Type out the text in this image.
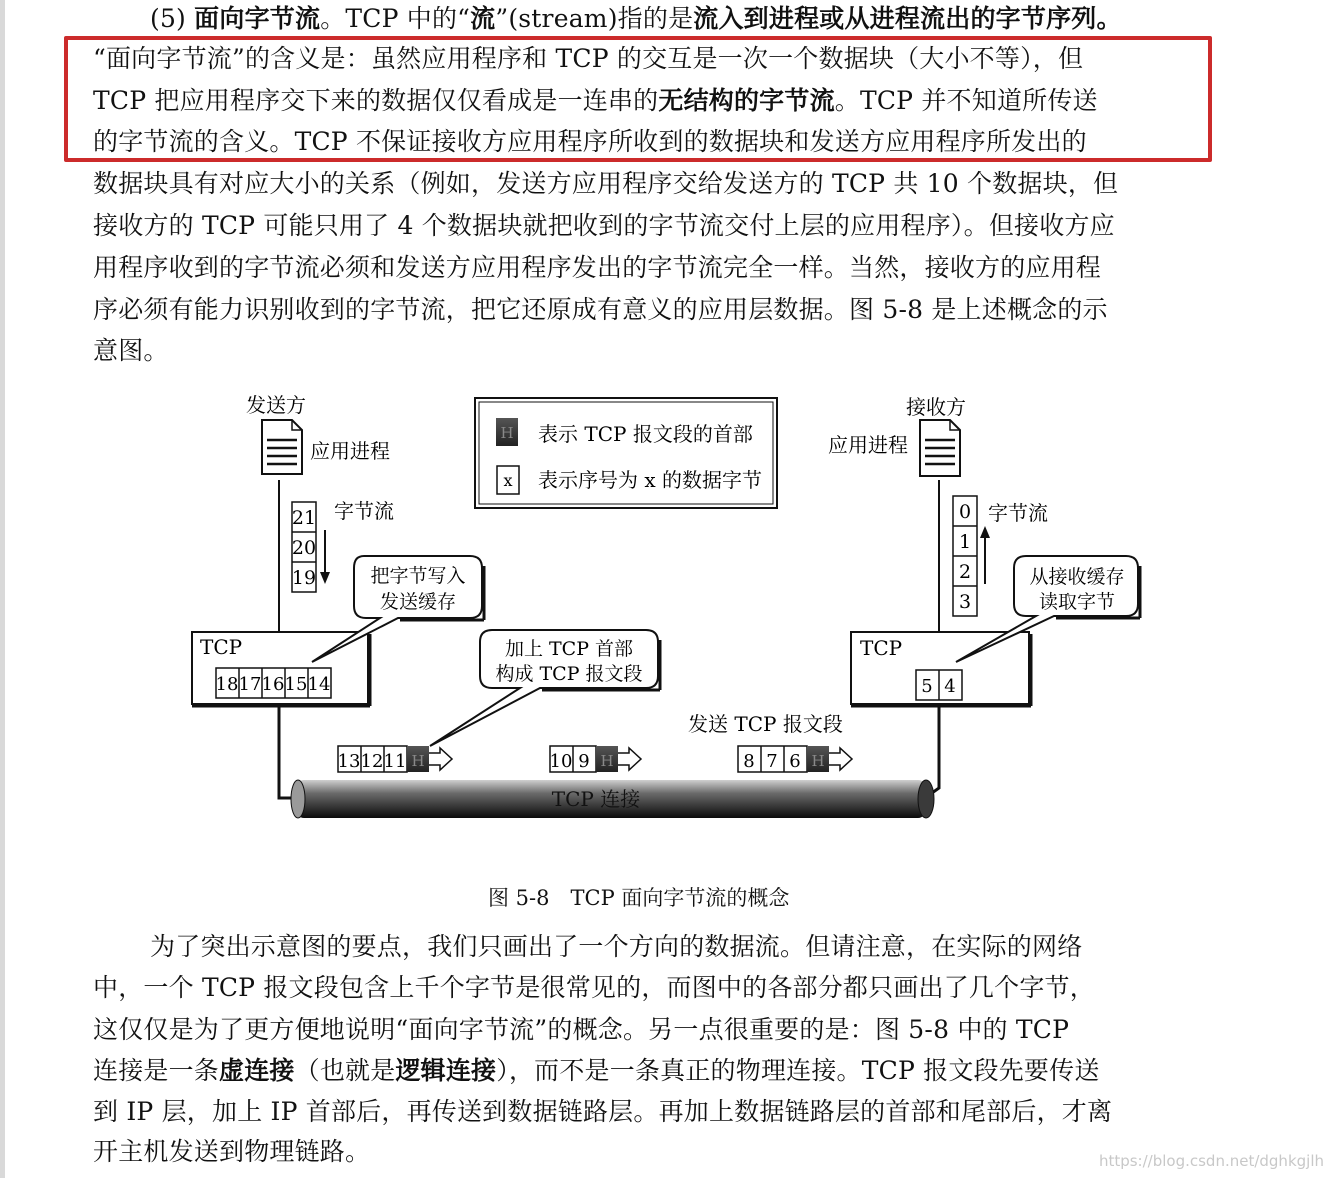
(5) 面向字节流。TCP 中的“流”(stream)指的是流入到进程或从进程流出的字节序列。
“面向字节流”的含义是：虽然应用程序和 TCP 的交互是一次一个数据块（大小不等），但
TCP 把应用程序交下来的数据仅仅看成是一连串的无结构的字节流。TCP 并不知道所传送
的字节流的含义。TCP 不保证接收方应用程序所收到的数据块和发送方应用程序所发出的
数据块具有对应大小的关系（例如，发送方应用程序交给发送方的 TCP 共 10 个数据块，但
接收方的 TCP 可能只用了 4 个数据块就把收到的字节流交付上层的应用程序）。但接收方应
用程序收到的字节流必须和发送方应用程序发出的字节流完全一样。当然，接收方的应用程
序必须有能力识别收到的字节流，把它还原成有意义的应用层数据。图 5-8 是上述概念的示
意图。
H
x
表示 TCP 报文段的首部
表示序号为 x 的数据字节
发送方
应用进程
接收方
应用进程
字节流	字节流
21
20
19
0
1
2
3
TCP
18 17 16 15 14
TCP
5 4
把字节写入
发送缓存
加上 TCP 首部
构成 TCP 报文段
从接收缓存
读取字节
发送 TCP 报文段
H
13 12 11	H
10 9	H
8 7 6
TCP 连接
图 5-8　TCP 面向字节流的概念
为了突出示意图的要点，我们只画出了一个方向的数据流。但请注意，在实际的网络
中，一个 TCP 报文段包含上千个字节是很常见的，而图中的各部分都只画出了几个字节，
这仅仅是为了更方便地说明“面向字节流”的概念。另一点很重要的是：图 5-8 中的 TCP
连接是一条虚连接（也就是逻辑连接），而不是一条真正的物理连接。TCP 报文段先要传送
到 IP 层，加上 IP 首部后，再传送到数据链路层。再加上数据链路层的首部和尾部后，才离
开主机发送到物理链路。	https://blog.csdn.net/dghkgjlh
